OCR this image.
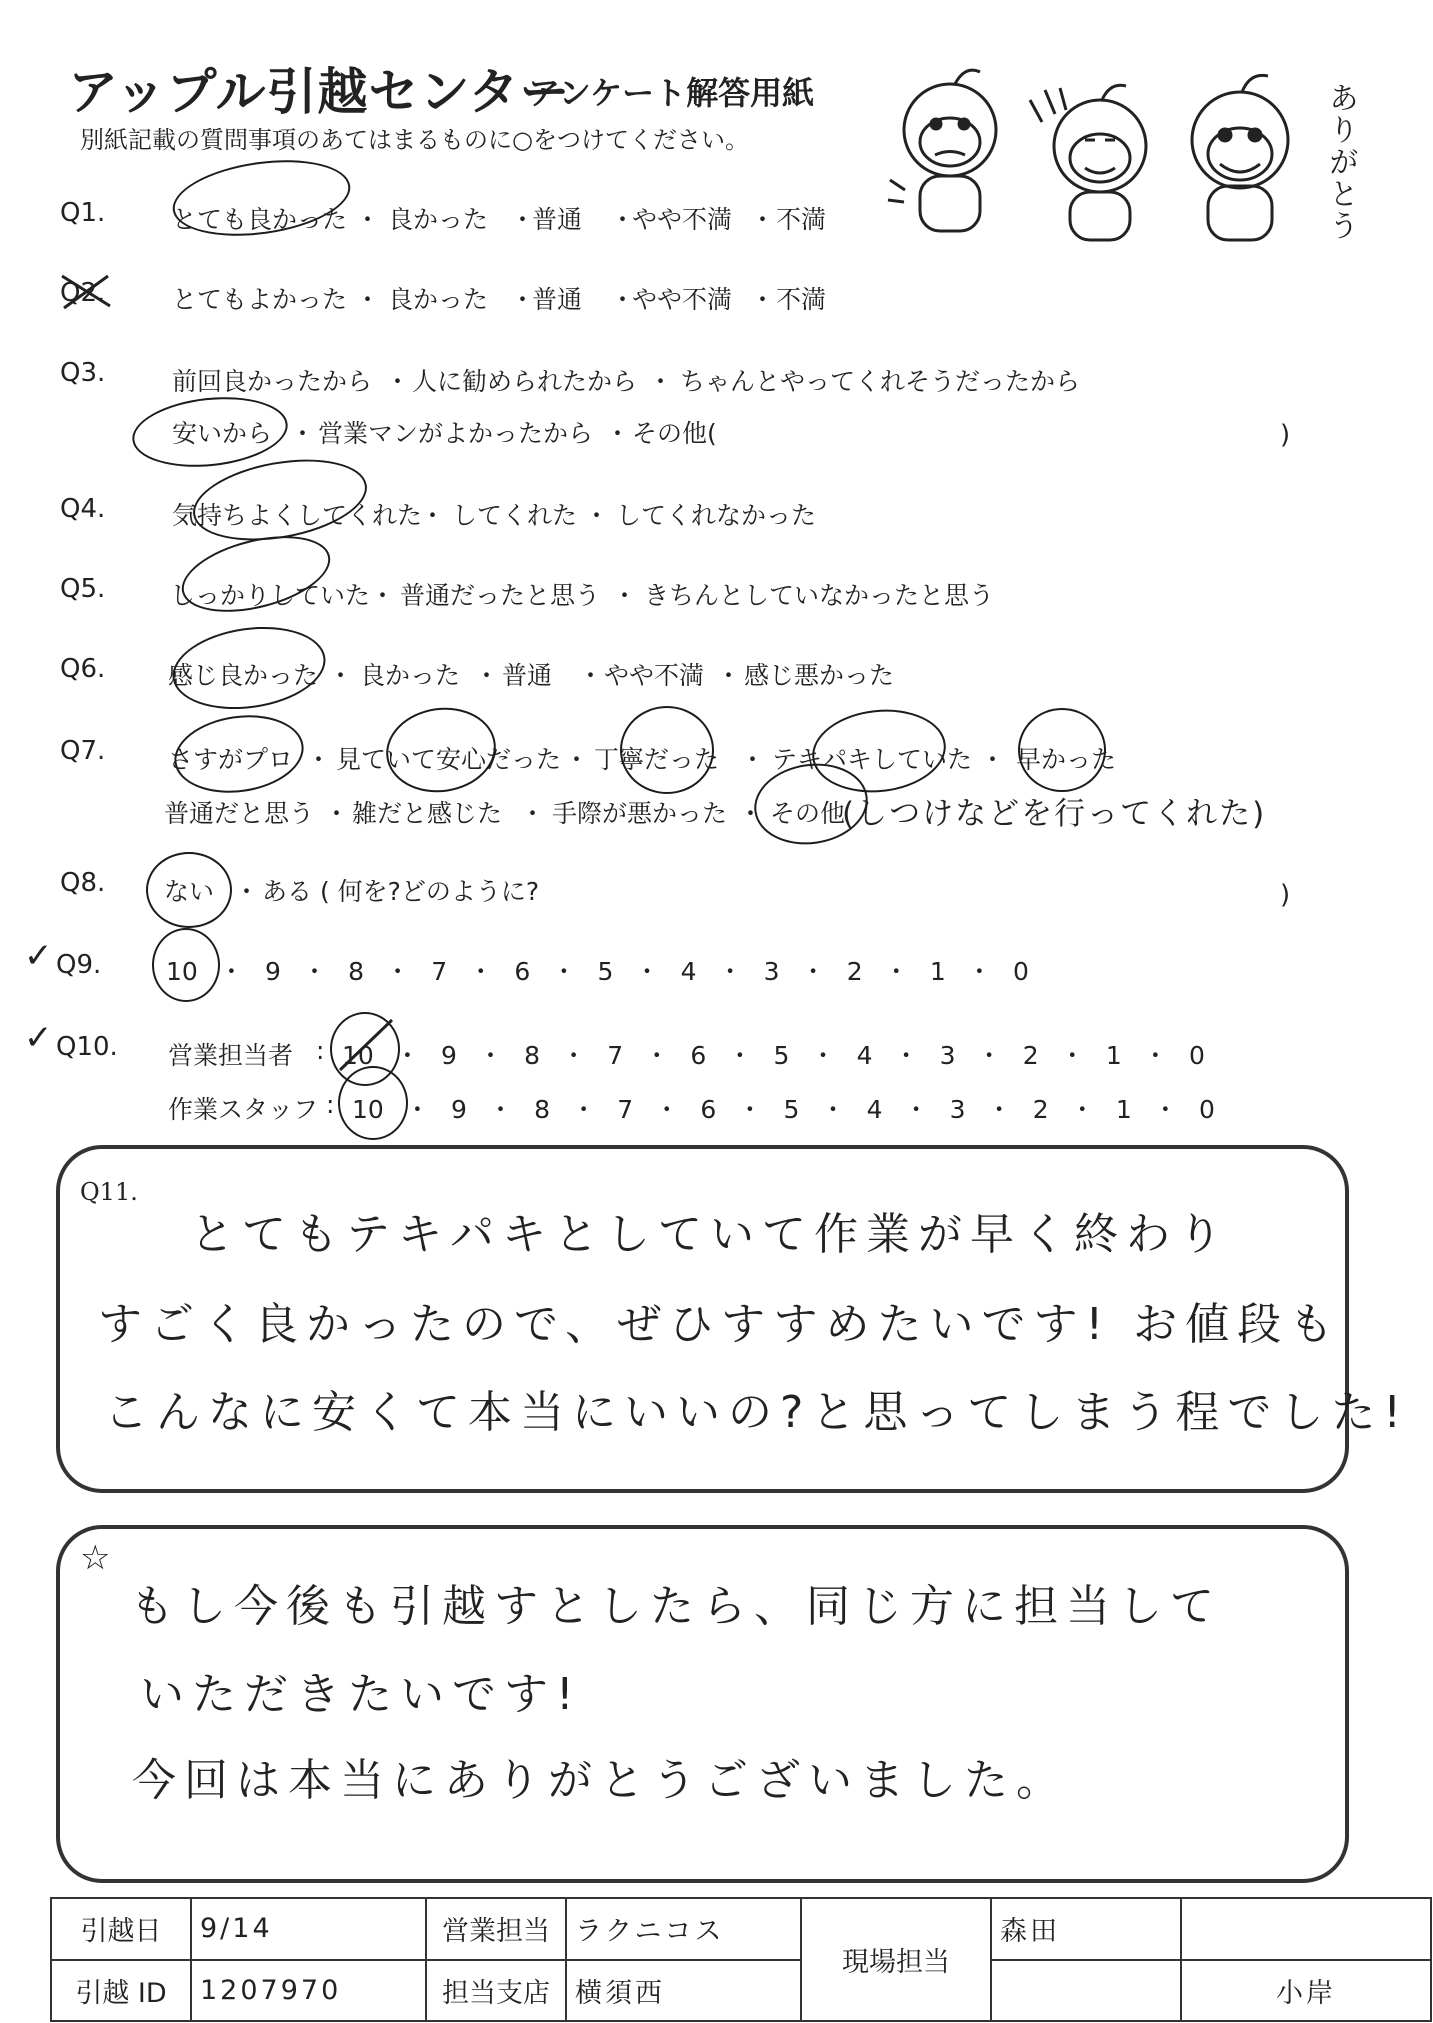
アップル引越センター
アンケート解答用紙
別紙記載の質問事項のあてはまるものに○をつけてください。	ありがとう
Q1.	とても良かった ・ 良かった ・
普通 ・
やや不満 ・ 不満
Q2.	とてもよかった ・ 良かった ・
普通 ・
やや不満 ・ 不満
Q3.	前回良かったから ・ 人に勧められたから ・ ちゃんとやってくれそうだったから
安いから ・ 営業マンがよかったから ・ その他(	)
Q4.	気持ちよくしてくれた
・ してくれた ・ してくれなかった
Q5.	しっかりしていた ・ 普通だったと思う ・ きちんとしていなかったと思う
Q6.	感じ良かった ・ 良かった ・ 普通 ・ やや不満 ・ 感じ悪かった
Q7.	さすがプロ ・ 見ていて安心だった ・ 丁寧だった ・ テキパキしていた ・ 早かった
普通だと思う ・ 雑だと感じた ・ 手際が悪かった ・ その他
(しつけなどを行ってくれた)
Q8. ない ・ ある ( 何を?どのように?	)
✓ Q9.	10 ・ 9 ・ 8 ・ 7 ・ 6 ・ 5 ・ 4 ・ 3 ・ 2 ・ 1 ・ 0
✓ Q10. 営業担当者 : 10 ・ 9 ・ 8 ・ 7 ・ 6 ・ 5 ・ 4 ・ 3 ・ 2 ・ 1 ・ 0
作業スタッフ : 10 ・ 9 ・ 8 ・ 7 ・ 6 ・ 5 ・ 4 ・ 3 ・ 2 ・ 1 ・ 0
Q11.
とてもテキパキとしていて作業が早く終わり
すごく良かったので、ぜひすすめたいです! お値段も
こんなに安くて本当にいいの?と思ってしまう程でした!
☆
もし今後も引越すとしたら、同じ方に担当して
いただきたいです!
今回は本当にありがとうございました。
引越日	9/14	営業担当	ラクニコス	現場担当	森田	
引越 ID	1207970	担当支店	横須西			小岸
